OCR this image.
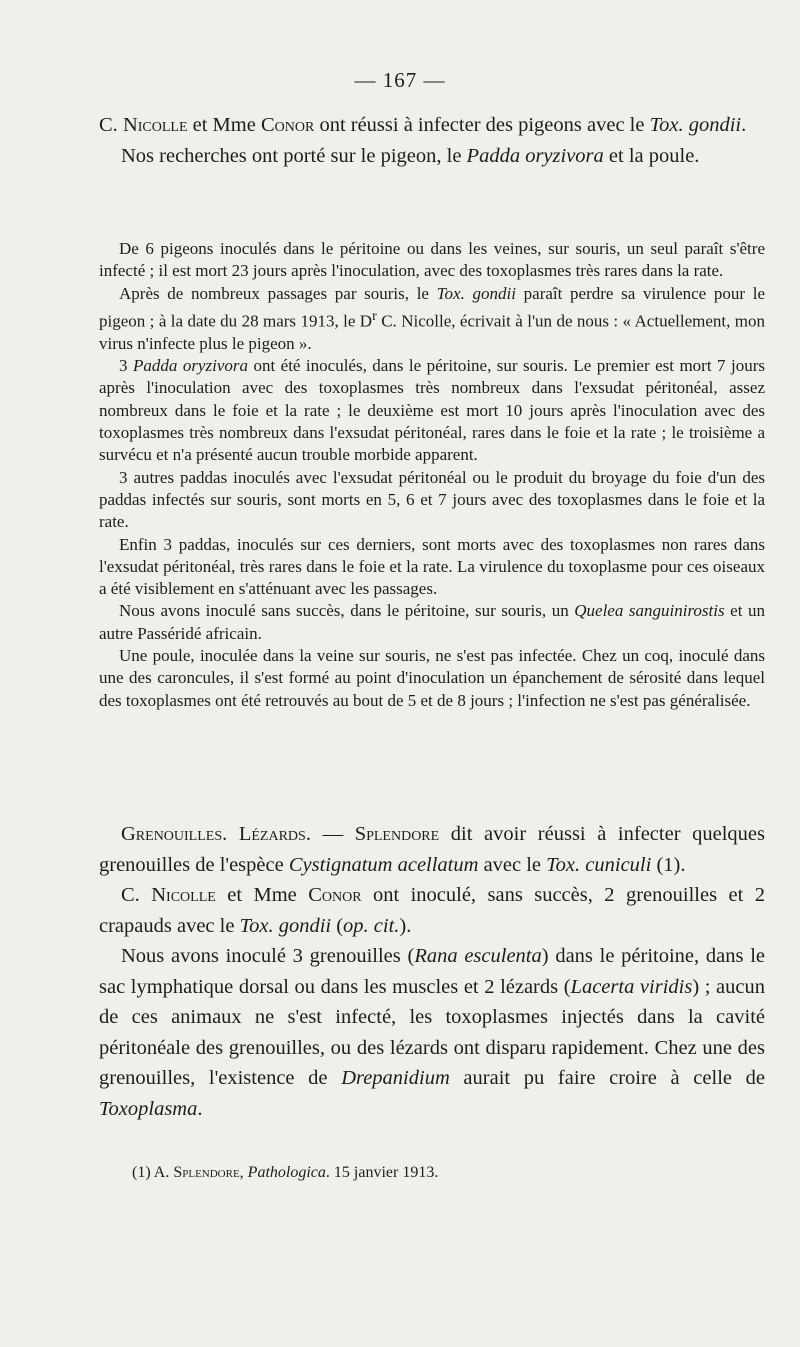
— 167 —

C. Nicolle et Mme Conor ont réussi à infecter des pigeons avec le Tox. gondii.

Nos recherches ont porté sur le pigeon, le Padda oryzivora et la poule.

De 6 pigeons inoculés dans le péritoine ou dans les veines, sur souris, un seul paraît s'être infecté ; il est mort 23 jours après l'inoculation, avec des toxoplasmes très rares dans la rate.

Après de nombreux passages par souris, le Tox. gondii paraît perdre sa virulence pour le pigeon ; à la date du 28 mars 1913, le $D^r$ C. Nicolle, écrivait à l'un de nous : « Actuellement, mon virus n'infecte plus le pigeon ».

3 Padda oryzivora ont été inoculés, dans le péritoine, sur souris. Le premier est mort 7 jours après l'inoculation avec des toxoplasmes très nombreux dans l'exsudat péritonéal, assez nombreux dans le foie et la rate ; le deuxième est mort 10 jours après l'inoculation avec des toxoplasmes très nombreux dans l'exsudat péritonéal, rares dans le foie et la rate ; le troisième a survécu et n'a présenté aucun trouble morbide apparent.

3 autres paddas inoculés avec l'exsudat péritonéal ou le produit du broyage du foie d'un des paddas infectés sur souris, sont morts en 5, 6 et 7 jours avec des toxoplasmes dans le foie et la rate.

Enfin 3 paddas, inoculés sur ces derniers, sont morts avec des toxoplasmes non rares dans l'exsudat péritonéal, très rares dans le foie et la rate. La virulence du toxoplasme pour ces oiseaux a été visiblement en s'atténuant avec les passages.

Nous avons inoculé sans succès, dans le péritoine, sur souris, un Quelea sanguinirostis et un autre Passéridé africain.

Une poule, inoculée dans la veine sur souris, ne s'est pas infectée. Chez un coq, inoculé dans une des caroncules, il s'est formé au point d'inoculation un épanchement de sérosité dans lequel des toxoplasmes ont été retrouvés au bout de 5 et de 8 jours ; l'infection ne s'est pas généralisée.

Grenouilles. Lézards. — Splendore dit avoir réussi à infecter quelques grenouilles de l'espèce Cystignatum acellatum avec le Tox. cuniculi (1).

C. Nicolle et Mme Conor ont inoculé, sans succès, 2 grenouilles et 2 crapauds avec le Tox. gondii (op. cit.).

Nous avons inoculé 3 grenouilles (Rana esculenta) dans le péritoine, dans le sac lymphatique dorsal ou dans les muscles et 2 lézards (Lacerta viridis) ; aucun de ces animaux ne s'est infecté, les toxoplasmes injectés dans la cavité péritonéale des grenouilles, ou des lézards ont disparu rapidement. Chez une des grenouilles, l'existence de Drepanidium aurait pu faire croire à celle de Toxoplasma.

(1) A. Splendore, Pathologica. 15 janvier 1913.
